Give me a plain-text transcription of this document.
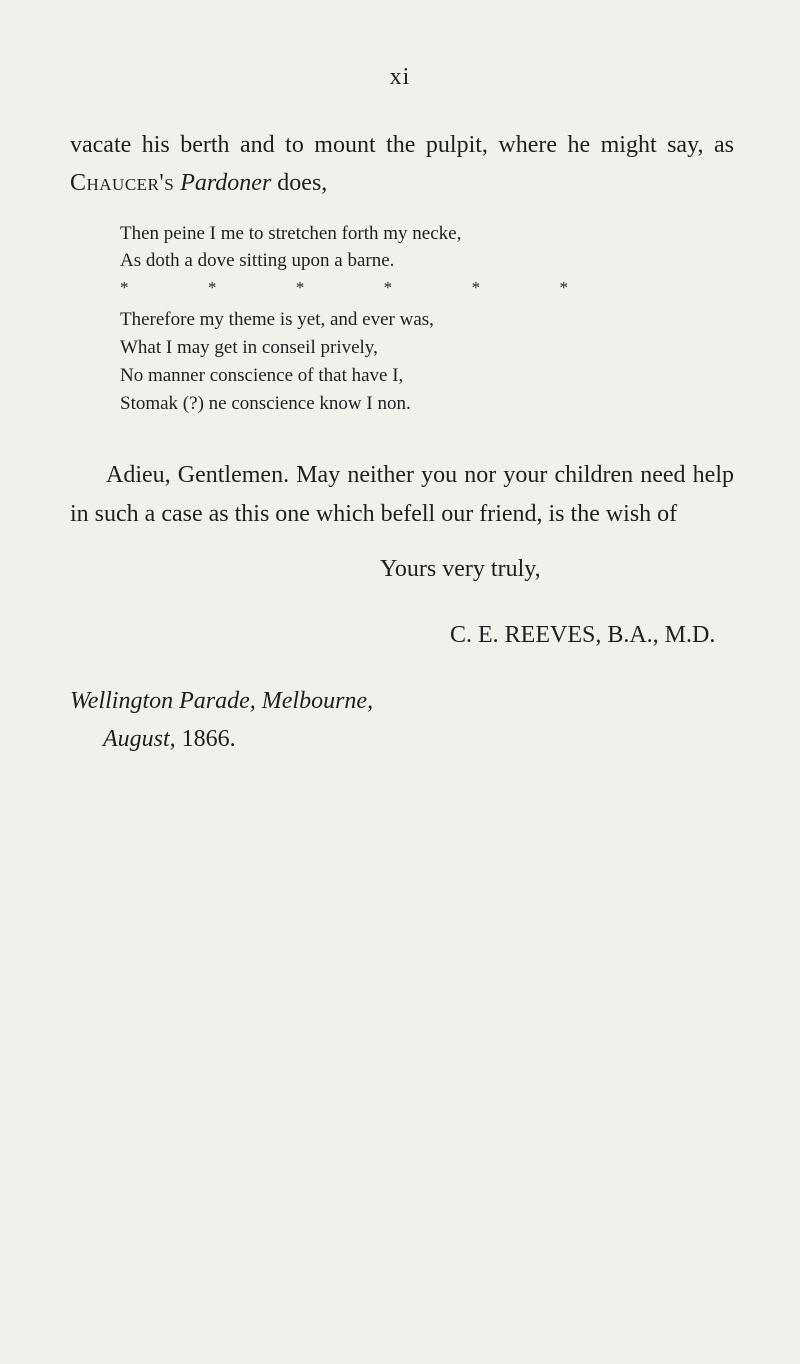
xi
vacate his berth and to mount the pulpit, where he might say, as
Chaucer's Pardoner does,
Then peine I me to stretchen forth my necke,
As doth a dove sitting upon a barne.
*	*	*	*	*	*
Therefore my theme is yet, and ever was,
What I may get in conseil prively,
No manner conscience of that have I,
Stomak (?) ne conscience know I non.
Adieu, Gentlemen. May neither you nor your children need help
in such a case as this one which befell our friend, is the wish of
Yours very truly,
C. E. REEVES, B.A., M.D.
Wellington Parade, Melbourne,
August, 1866.
